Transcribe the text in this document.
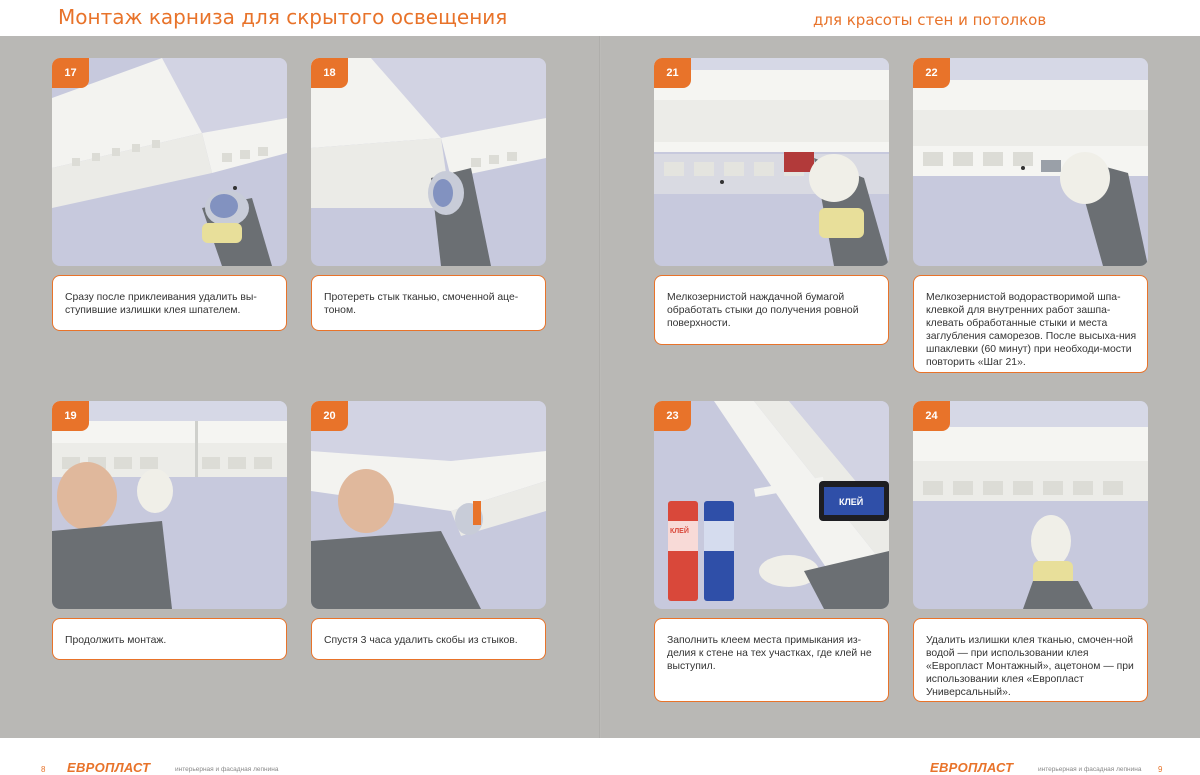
Монтаж карниза для скрытого освещения	для красоты стен и потолков
17
Сразу после приклеивания удалить вы-ступившие излишки клея шпателем.
18
Протереть стык тканью, смоченной аце-тоном.
21
Мелкозернистой наждачной бумагой обработать стыки до получения ровной поверхности.
22
Мелкозернистой водорастворимой шпа-клевкой для внутренних работ зашпа-клевать обработанные стыки и места заглубления саморезов. После высыха-ния шпаклевки (60 минут) при необходи-мости повторить «Шаг 21».
19
Продолжить монтаж.
20
Спустя 3 часа удалить скобы из стыков.
КЛЕЙ
КЛЕЙ
23
Заполнить клеем места примыкания из-делия к стене на тех участках, где клей не выступил.
24
Удалить излишки клея тканью, смочен-ной водой — при использовании клея «Европласт Монтажный», ацетоном — при использовании клея «Европласт Универсальный».
8 ЕВРОПЛАСТ	интерьерная и фасадная лепнина	ЕВРОПЛАСТ	интерьерная и фасадная лепнина 9
